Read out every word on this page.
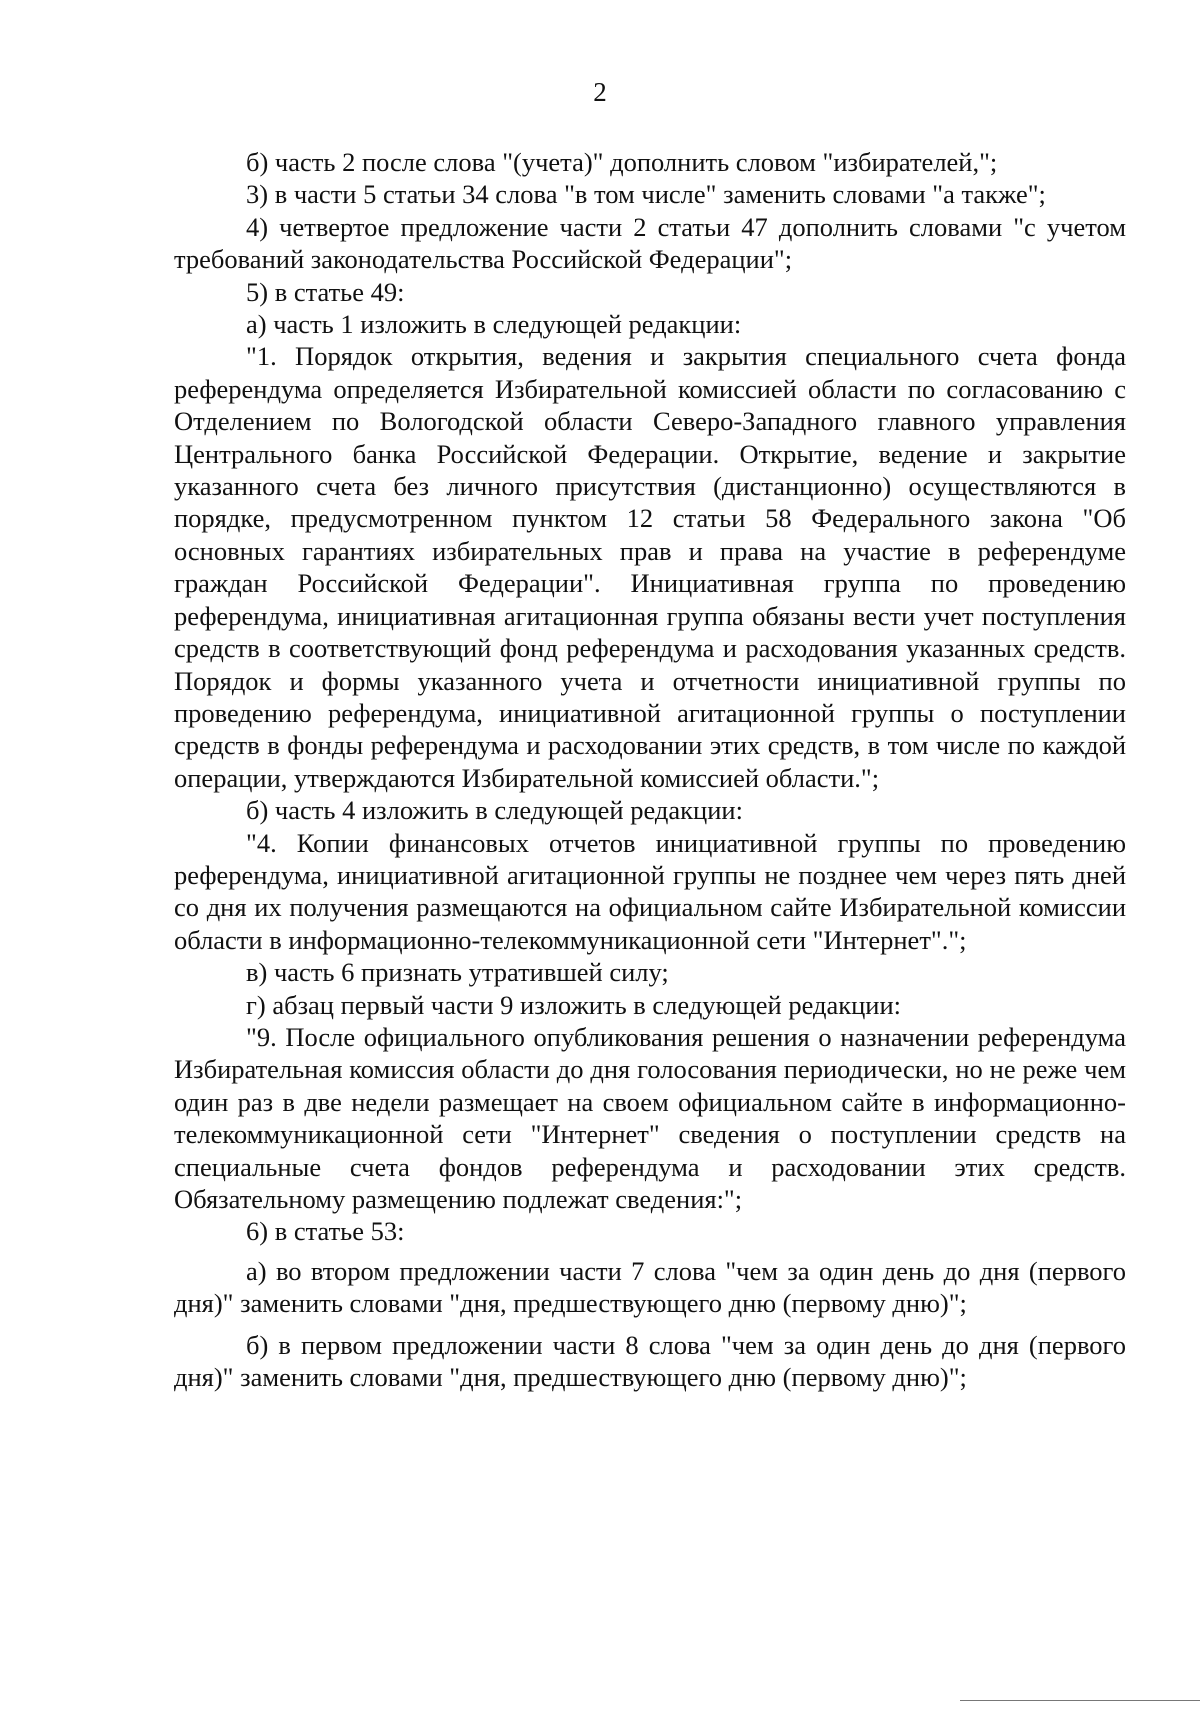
2

б) часть 2 после слова "(учета)" дополнить словом "избирателей,";

3) в части 5 статьи 34 слова "в том числе" заменить словами "а также";

4) четвертое предложение части 2 статьи 47 дополнить словами "с учетом требований законодательства Российской Федерации";

5) в статье 49:

а) часть 1 изложить в следующей редакции:

"1. Порядок открытия, ведения и закрытия специального счета фонда референдума определяется Избирательной комиссией области по согласованию с Отделением по Вологодской области Северо-Западного главного управления Центрального банка Российской Федерации. Открытие, ведение и закрытие указанного счета без личного присутствия (дистанционно) осуществляются в порядке, предусмотренном пунктом 12 статьи 58 Федерального закона "Об основных гарантиях избирательных прав и права на участие в референдуме граждан Российской Федерации". Инициативная группа по проведению референдума, инициативная агитационная группа обязаны вести учет поступления средств в соответствующий фонд референдума и расходования указанных средств. Порядок и формы указанного учета и отчетности инициативной группы по проведению референдума, инициативной агитационной группы о поступлении средств в фонды референдума и расходовании этих средств, в том числе по каждой операции, утверждаются Избирательной комиссией области.";

б) часть 4 изложить в следующей редакции:

"4. Копии финансовых отчетов инициативной группы по проведению референдума, инициативной агитационной группы не позднее чем через пять дней со дня их получения размещаются на официальном сайте Избирательной комиссии области в информационно-телекоммуникационной сети "Интернет".";

в) часть 6 признать утратившей силу;

г) абзац первый части 9 изложить в следующей редакции:

"9. После официального опубликования решения о назначении референдума Избирательная комиссия области до дня голосования периодически, но не реже чем один раз в две недели размещает на своем официальном сайте в информационно-телекоммуникационной сети "Интернет" сведения о поступлении средств на специальные счета фондов референдума и расходовании этих средств. Обязательному размещению подлежат сведения:";

6) в статье 53:

а) во втором предложении части 7 слова "чем за один день до дня (первого дня)" заменить словами "дня, предшествующего дню (первому дню)";

б) в первом предложении части 8 слова "чем за один день до дня (первого дня)" заменить словами "дня, предшествующего дню (первому дню)";
